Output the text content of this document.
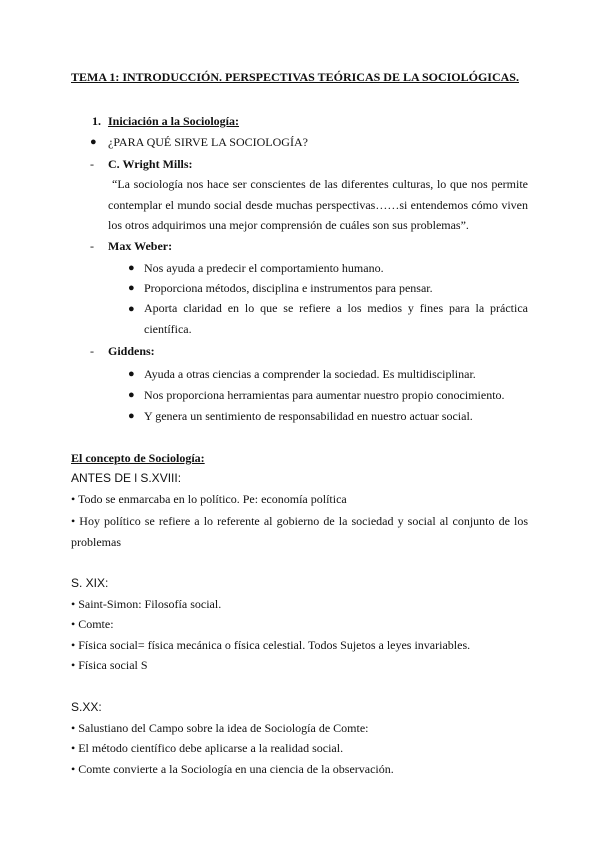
TEMA 1: INTRODUCCIÓN. PERSPECTIVAS TEÓRICAS DE LA SOCIOLÓGICAS.
1. Iniciación a la Sociología:
● ¿PARA QUÉ SIRVE LA SOCIOLOGÍA?
- C. Wright Mills:
“La sociología nos hace ser conscientes de las diferentes culturas, lo que nos permite contemplar el mundo social desde muchas perspectivas……si entendemos cómo viven los otros adquirimos una mejor comprensión de cuáles son sus problemas”.
- Max Weber:
● Nos ayuda a predecir el comportamiento humano.
● Proporciona métodos, disciplina e instrumentos para pensar.
● Aporta claridad en lo que se refiere a los medios y fines para la práctica científica.
- Giddens:
● Ayuda a otras ciencias a comprender la sociedad. Es multidisciplinar.
● Nos proporciona herramientas para aumentar nuestro propio conocimiento.
● Y genera un sentimiento de responsabilidad en nuestro actuar social.
El concepto de Sociología:
ANTES DE l S.XVIII:
• Todo se enmarcaba en lo político. Pe: economía política
• Hoy político se refiere a lo referente al gobierno de la sociedad y social al conjunto de los problemas
S. XIX:
• Saint-Simon: Filosofía social.
• Comte:
• Física social= física mecánica o física celestial. Todos Sujetos a leyes invariables.
• Física social S
S.XX:
• Salustiano del Campo sobre la idea de Sociología de Comte:
• El método científico debe aplicarse a la realidad social.
• Comte convierte a la Sociología en una ciencia de la observación.
